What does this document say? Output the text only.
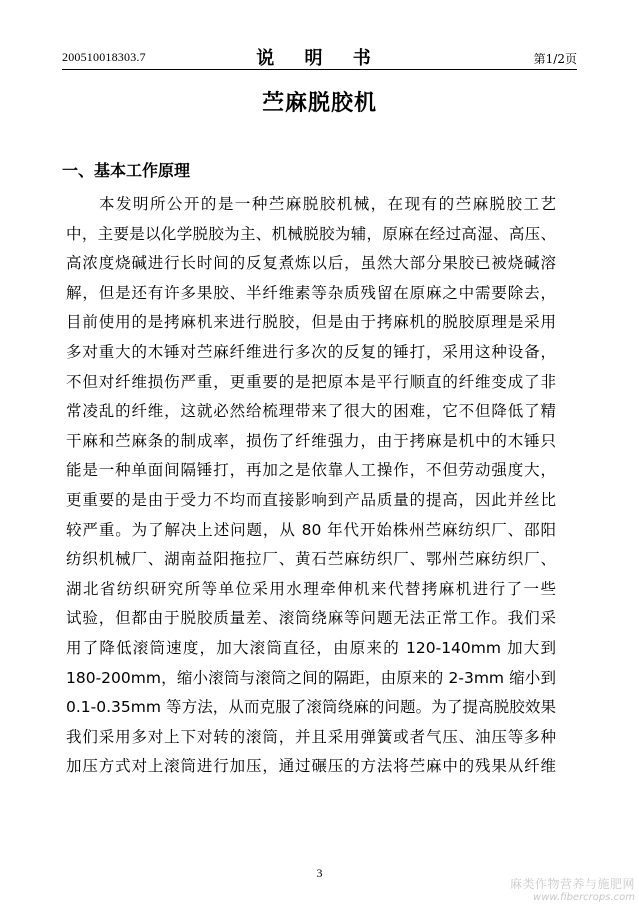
200510018303.7	说 明 书	第1/2页
苎麻脱胶机
一、基本工作原理
本发明所公开的是一种苎麻脱胶机械，在现有的苎麻脱胶工艺
中，主要是以化学脱胶为主、机械脱胶为辅，原麻在经过高湿、高压、
高浓度烧碱进行长时间的反复煮炼以后，虽然大部分果胶已被烧碱溶
解，但是还有许多果胶、半纤维素等杂质残留在原麻之中需要除去，
目前使用的是拷麻机来进行脱胶，但是由于拷麻机的脱胶原理是采用
多对重大的木锤对苎麻纤维进行多次的反复的锤打，采用这种设备，
不但对纤维损伤严重，更重要的是把原本是平行顺直的纤维变成了非
常凌乱的纤维，这就必然给梳理带来了很大的困难，它不但降低了精
干麻和苎麻条的制成率，损伤了纤维强力，由于拷麻是机中的木锤只
能是一种单面间隔锤打，再加之是依靠人工操作，不但劳动强度大，
更重要的是由于受力不均而直接影响到产品质量的提高，因此并丝比
较严重。为了解决上述问题，从 80 年代开始株州苎麻纺织厂、邵阳
纺织机械厂、湖南益阳拖拉厂、黄石苎麻纺织厂、鄂州苎麻纺织厂、
湖北省纺织研究所等单位采用水理牵伸机来代替拷麻机进行了一些
试验，但都由于脱胶质量差、滚筒绕麻等问题无法正常工作。我们采
用了降低滚筒速度，加大滚筒直径，由原来的 120-140mm 加大到
180-200mm，缩小滚筒与滚筒之间的隔距，由原来的 2-3mm 缩小到
0.1-0.35mm 等方法，从而克服了滚筒绕麻的问题。为了提高脱胶效果
我们采用多对上下对转的滚筒，并且采用弹簧或者气压、油压等多种
加压方式对上滚筒进行加压，通过碾压的方法将苎麻中的残果从纤维
3
麻类作物营养与施肥网
www.fibercrops.com
